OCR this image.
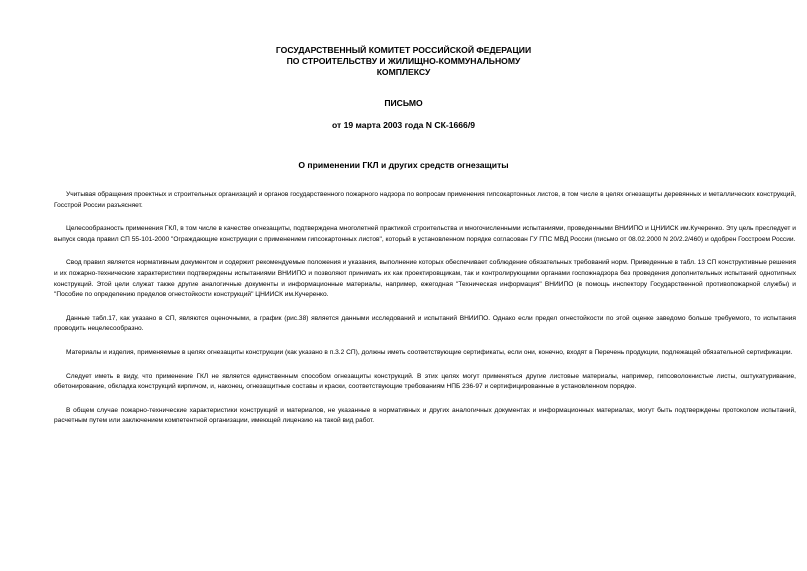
ГОСУДАРСТВЕННЫЙ КОМИТЕТ РОССИЙСКОЙ ФЕДЕРАЦИИ
ПО СТРОИТЕЛЬСТВУ И ЖИЛИЩНО-КОММУНАЛЬНОМУ
КОМПЛЕКСУ
ПИСЬМО
от 19 марта 2003 года N СК-1666/9
О применении ГКЛ и других средств огнезащиты

Учитывая обращения проектных и строительных организаций и органов государственного пожарного надзора по вопросам применения гипсокартонных листов, в том числе в целях огнезащиты деревянных и металлических конструкций, Госстрой России разъясняет.

Целесообразность применения ГКЛ, в том числе в качестве огнезащиты, подтверждена многолетней практикой строительства и многочисленными испытаниями, проведенными ВНИИПО и ЦНИИСК им.Кучеренко. Эту цель преследует и выпуск свода правил СП 55-101-2000 "Ограждающие конструкции с применением гипсокартонных листов", который в установленном порядке согласован ГУ ГПС МВД России (письмо от 08.02.2000 N 20/2.2/460) и одобрен Госстроем России.

Свод правил является нормативным документом и содержит рекомендуемые положения и указания, выполнение которых обеспечивает соблюдение обязательных требований норм. Приведенные в табл. 13 СП конструктивные решения и их пожарно-технические характеристики подтверждены испытаниями ВНИИПО и позволяют принимать их как проектировщикам, так и контролирующими органами госпожнадзора без проведения дополнительных испытаний однотипных конструкций. Этой цели служат также другие аналогичные документы и информационные материалы, например, ежегодная "Техническая информация" ВНИИПО (в помощь инспектору Государственной противопожарной службы) и "Пособие по определению пределов огнестойкости конструкций" ЦНИИСК им.Кучеренко.

Данные табл.17, как указано в СП, являются оценочными, а график (рис.38) является данными исследований и испытаний ВНИИПО. Однако если предел огнестойкости по этой оценке заведомо больше требуемого, то испытания проводить нецелесообразно.

Материалы и изделия, применяемые в целях огнезащиты конструкции (как указано в п.3.2 СП), должны иметь соответствующие сертификаты, если они, конечно, входят в Перечень продукции, подлежащей обязательной сертификации.

Следует иметь в виду, что применение ГКЛ не является единственным способом огнезащиты конструкций. В этих целях могут применяться другие листовые материалы, например, гипсоволокнистые листы, оштукатуривание, обетонирование, обкладка конструкций кирпичом, и, наконец, огнезащитные составы и краски, соответствующие требованиям НПБ 236-97 и сертифицированные в установленном порядке.

В общем случае пожарно-технические характеристики конструкций и материалов, не указанные в нормативных и других аналогичных документах и информационных материалах, могут быть подтверждены протоколом испытаний, расчетным путем или заключением компетентной организации, имеющей лицензию на такой вид работ.
